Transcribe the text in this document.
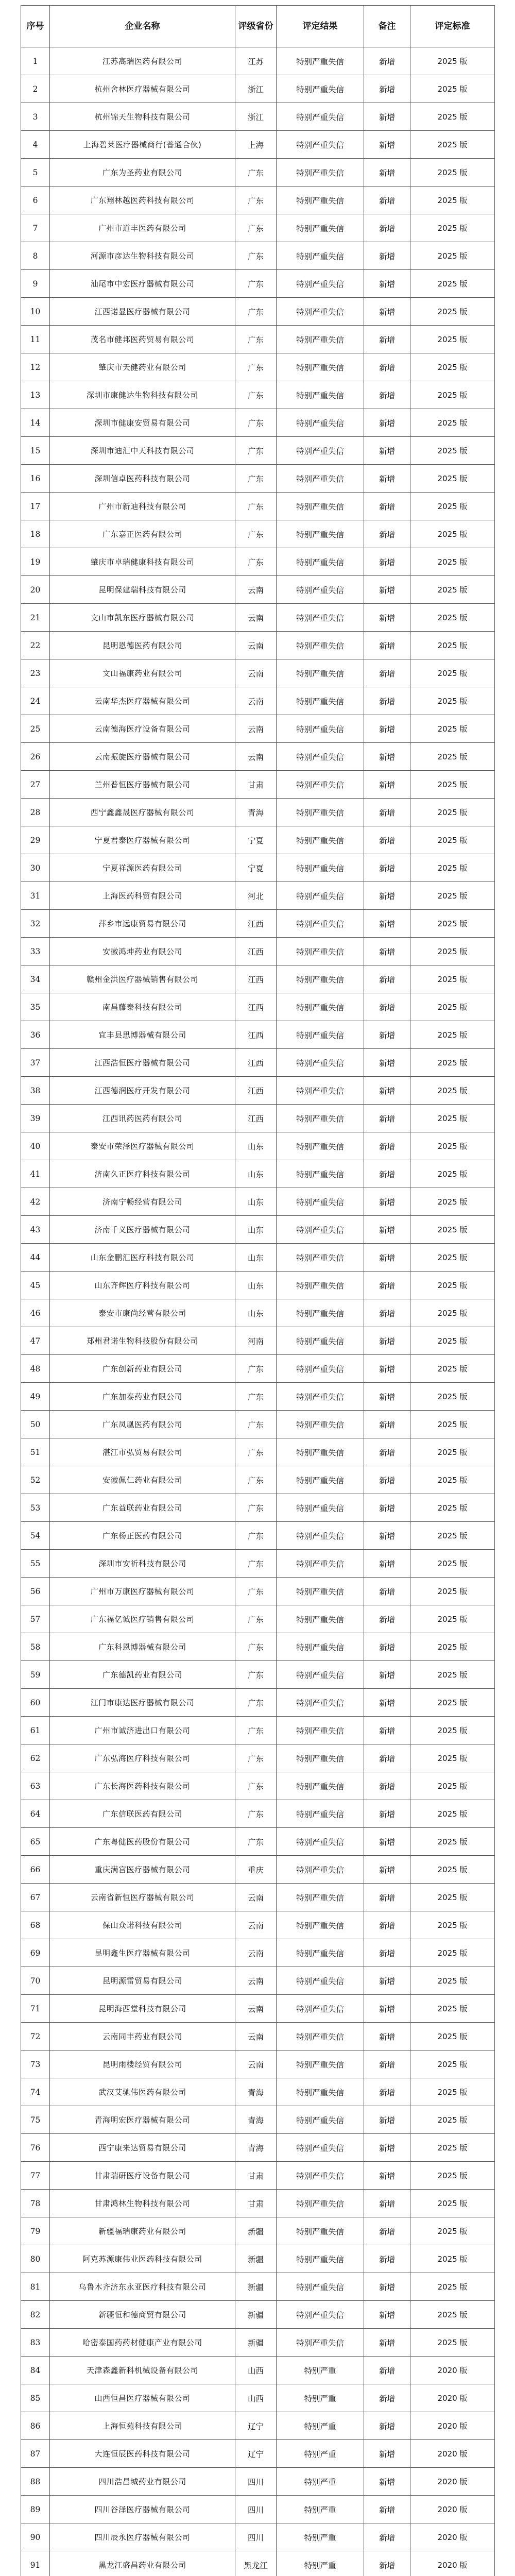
序号	企业名称	评级省份	评定结果	备注	评定标准
1	江苏高瑞医药有限公司	江苏	特别严重失信	新增	2025 版
2	杭州舍林医疗器械有限公司	浙江	特别严重失信	新增	2025 版
3	杭州锦天生物科技有限公司	浙江	特别严重失信	新增	2025 版
4	上海碧莱医疗器械商行(普通合伙)	上海	特别严重失信	新增	2025 版
5	广东为圣药业有限公司	广东	特别严重失信	新增	2025 版
6	广东翔林越医药科技有限公司	广东	特别严重失信	新增	2025 版
7	广州市道丰医药有限公司	广东	特别严重失信	新增	2025 版
8	河源市彦达生物科技有限公司	广东	特别严重失信	新增	2025 版
9	汕尾市中宏医疗器械有限公司	广东	特别严重失信	新增	2025 版
10	江西诺显医疗器械有限公司	广东	特别严重失信	新增	2025 版
11	茂名市健邦医药贸易有限公司	广东	特别严重失信	新增	2025 版
12	肇庆市天健药业有限公司	广东	特别严重失信	新增	2025 版
13	深圳市康健达生物科技有限公司	广东	特别严重失信	新增	2025 版
14	深圳市健康安贸易有限公司	广东	特别严重失信	新增	2025 版
15	深圳市迪汇中天科技有限公司	广东	特别严重失信	新增	2025 版
16	深圳信卓医药科技有限公司	广东	特别严重失信	新增	2025 版
17	广州市新迪科技有限公司	广东	特别严重失信	新增	2025 版
18	广东嘉正医药有限公司	广东	特别严重失信	新增	2025 版
19	肇庆市卓瑞健康科技有限公司	广东	特别严重失信	新增	2025 版
20	昆明保建瑞科技有限公司	云南	特别严重失信	新增	2025 版
21	文山市凯东医疗器械有限公司	云南	特别严重失信	新增	2025 版
22	昆明恩德医药有限公司	云南	特别严重失信	新增	2025 版
23	文山福康药业有限公司	云南	特别严重失信	新增	2025 版
24	云南华杰医疗器械有限公司	云南	特别严重失信	新增	2025 版
25	云南德海医疗设备有限公司	云南	特别严重失信	新增	2025 版
26	云南振旋医疗器械有限公司	云南	特别严重失信	新增	2025 版
27	兰州普恒医疗器械有限公司	甘肃	特别严重失信	新增	2025 版
28	西宁鑫鑫晟医疗器械有限公司	青海	特别严重失信	新增	2025 版
29	宁夏君泰医疗器械有限公司	宁夏	特别严重失信	新增	2025 版
30	宁夏祥源医药有限公司	宁夏	特别严重失信	新增	2025 版
31	上海医药科贸有限公司	河北	特别严重失信	新增	2025 版
32	萍乡市远康贸易有限公司	江西	特别严重失信	新增	2025 版
33	安徽鸿坤药业有限公司	江西	特别严重失信	新增	2025 版
34	赣州金洪医疗器械销售有限公司	江西	特别严重失信	新增	2025 版
35	南昌藤泰科技有限公司	江西	特别严重失信	新增	2025 版
36	宜丰县思博器械有限公司	江西	特别严重失信	新增	2025 版
37	江西浩恒医疗器械有限公司	江西	特别严重失信	新增	2025 版
38	江西德润医疗开发有限公司	江西	特别严重失信	新增	2025 版
39	江西讯药医药有限公司	江西	特别严重失信	新增	2025 版
40	泰安市荣泽医疗器械有限公司	山东	特别严重失信	新增	2025 版
41	济南久正医疗科技有限公司	山东	特别严重失信	新增	2025 版
42	济南宁畅经营有限公司	山东	特别严重失信	新增	2025 版
43	济南千义医疗器械有限公司	山东	特别严重失信	新增	2025 版
44	山东金鹏汇医疗科技有限公司	山东	特别严重失信	新增	2025 版
45	山东齐辉医疗科技有限公司	山东	特别严重失信	新增	2025 版
46	泰安市康尚经营有限公司	山东	特别严重失信	新增	2025 版
47	郑州君诺生物科技股份有限公司	河南	特别严重失信	新增	2025 版
48	广东创新药业有限公司	广东	特别严重失信	新增	2025 版
49	广东加泰药业有限公司	广东	特别严重失信	新增	2025 版
50	广东凤凰医药有限公司	广东	特别严重失信	新增	2025 版
51	湛江市弘贸易有限公司	广东	特别严重失信	新增	2025 版
52	安徽佩仁药业有限公司	广东	特别严重失信	新增	2025 版
53	广东益联药业有限公司	广东	特别严重失信	新增	2025 版
54	广东杨正医药有限公司	广东	特别严重失信	新增	2025 版
55	深圳市安祈科技有限公司	广东	特别严重失信	新增	2025 版
56	广州市万康医疗器械有限公司	广东	特别严重失信	新增	2025 版
57	广东福亿诚医疗销售有限公司	广东	特别严重失信	新增	2025 版
58	广东科恩博器械有限公司	广东	特别严重失信	新增	2025 版
59	广东德凯药业有限公司	广东	特别严重失信	新增	2025 版
60	江门市康达医疗器械有限公司	广东	特别严重失信	新增	2025 版
61	广州市诚济进出口有限公司	广东	特别严重失信	新增	2025 版
62	广东弘海医疗科技有限公司	广东	特别严重失信	新增	2025 版
63	广东长海医药科技有限公司	广东	特别严重失信	新增	2025 版
64	广东信联医药有限公司	广东	特别严重失信	新增	2025 版
65	广东粤健医药股份有限公司	广东	特别严重失信	新增	2025 版
66	重庆满宫医疗器械有限公司	重庆	特别严重失信	新增	2025 版
67	云南省新恒医疗器械有限公司	云南	特别严重失信	新增	2025 版
68	保山众诺科技有限公司	云南	特别严重失信	新增	2025 版
69	昆明鑫生医疗器械有限公司	云南	特别严重失信	新增	2025 版
70	昆明源雷贸易有限公司	云南	特别严重失信	新增	2025 版
71	昆明海西堂科技有限公司	云南	特别严重失信	新增	2025 版
72	云南同丰药业有限公司	云南	特别严重失信	新增	2025 版
73	昆明雨楼经贸有限公司	云南	特别严重失信	新增	2025 版
74	武汉艾驰伟医药有限公司	青海	特别严重失信	新增	2025 版
75	青海明宏医疗器械有限公司	青海	特别严重失信	新增	2025 版
76	西宁康来达贸易有限公司	青海	特别严重失信	新增	2025 版
77	甘肃瑞研医疗设备有限公司	甘肃	特别严重失信	新增	2025 版
78	甘肃鸿林生物科技有限公司	甘肃	特别严重失信	新增	2025 版
79	新疆福瑞康药业有限公司	新疆	特别严重失信	新增	2025 版
80	阿克苏源康伟业医药科技有限公司	新疆	特别严重失信	新增	2025 版
81	乌鲁木齐济东永亚医疗科技有限公司	新疆	特别严重失信	新增	2025 版
82	新疆恒和德商贸有限公司	新疆	特别严重失信	新增	2025 版
83	哈密泰国药药材健康产业有限公司	新疆	特别严重失信	新增	2025 版
84	天津森鑫新科机械设备有限公司	山西	特别严重	新增	2020 版
85	山西恒昌医疗器械有限公司	山西	特别严重	新增	2020 版
86	上海恒苑科技有限公司	辽宁	特别严重	新增	2020 版
87	大连恒辰医药科技有限公司	辽宁	特别严重	新增	2020 版
88	四川浩昌城药业有限公司	四川	特别严重	新增	2020 版
89	四川谷泽医疗器械有限公司	四川	特别严重	新增	2020 版
90	四川辰永医疗器械有限公司	四川	特别严重	新增	2020 版
91	黑龙江盛昌药业有限公司	黑龙江	特别严重	新增	2020 版
